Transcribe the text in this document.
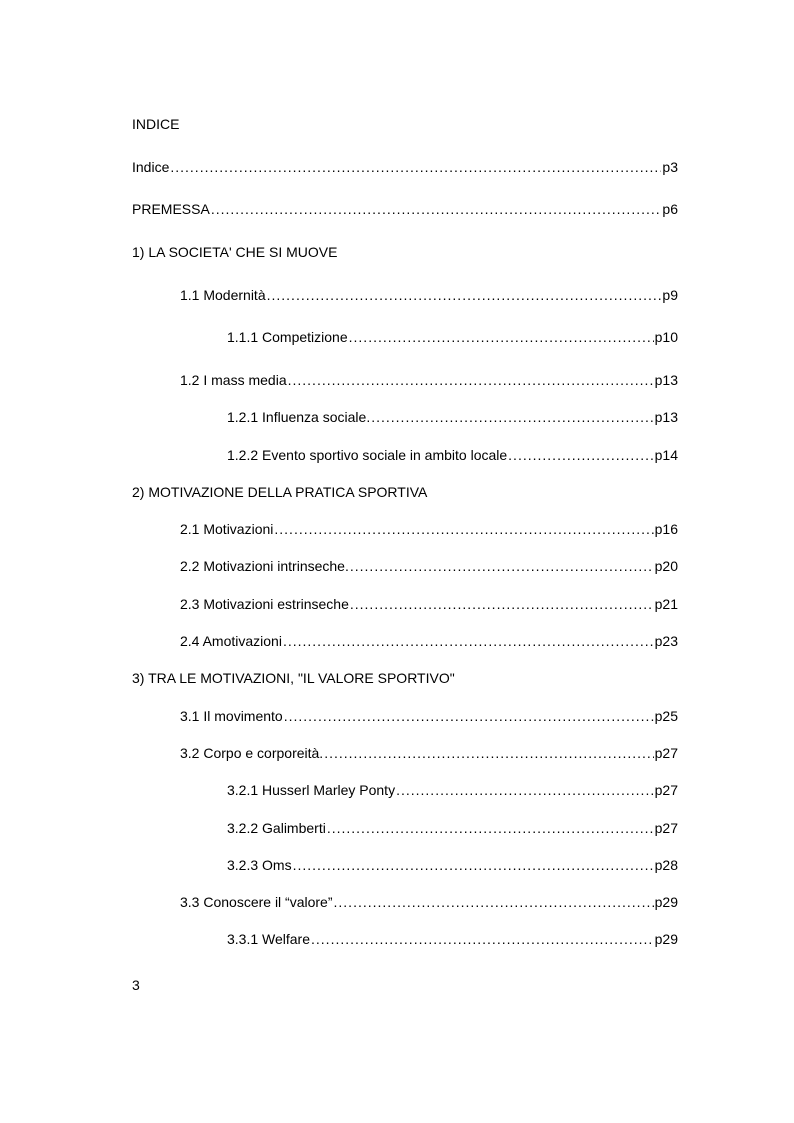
INDICE
Indice .....	p3
PREMESSA .....	p6
1) LA SOCIETA' CHE SI MUOVE
1.1 Modernità .....	p9
1.1.1 Competizione .....	p10
1.2 I mass media .....	p13
1.2.1 Influenza sociale. .....	p13
1.2.2 Evento sportivo sociale in ambito locale .....	p14
2) MOTIVAZIONE DELLA PRATICA SPORTIVA
2.1 Motivazioni .....	p16
2.2 Motivazioni intrinseche. .....	p20
2.3 Motivazioni estrinseche .....	p21
2.4 Amotivazioni .....	p23
3) TRA LE MOTIVAZIONI, "IL VALORE SPORTIVO"
3.1 Il movimento .....	p25
3.2 Corpo e corporeità. .....	p27
3.2.1 Husserl Marley Ponty .....	p27
3.2.2 Galimberti .....	p27
3.2.3 Oms .....	p28
3.3 Conoscere il “valore” .....	p29
3.3.1 Welfare .....	p29
3
